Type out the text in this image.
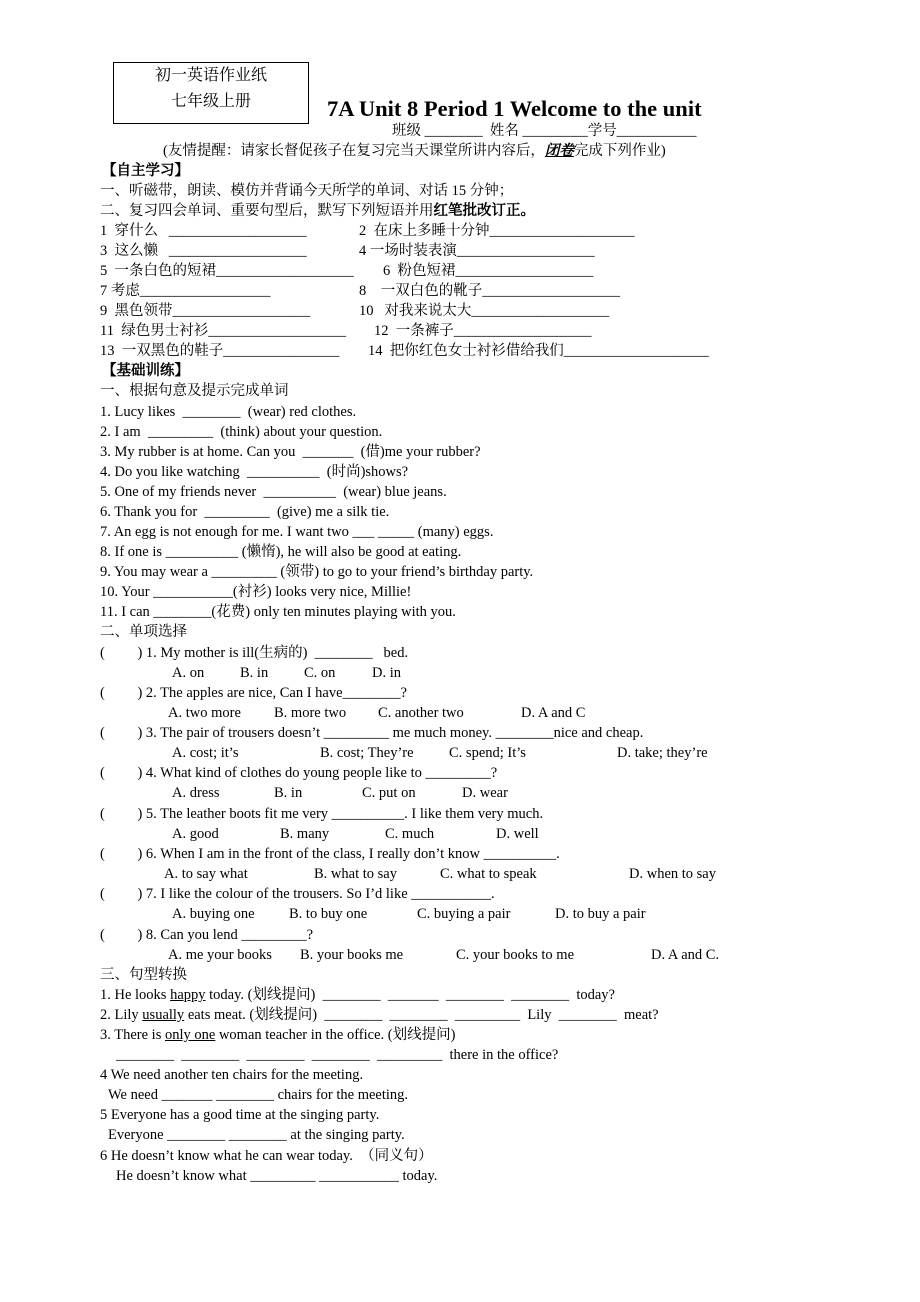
初一英语作业纸
七年级上册	7A Unit 8 Period 1 Welcome to the unit
班级 ________  姓名 _________学号___________
(友情提醒：请家长督促孩子在复习完当天课堂所讲内容后，闭卷完成下列作业)
【自主学习】
一、听磁带，朗读、模仿并背诵今天所学的单词、对话 15 分钟；
二、复习四会单词、重要句型后，默写下列短语并用红笔批改订正。
1  穿什么   ___________________	2  在床上多睡十分钟____________________
3  这么懒   ___________________	4 一场时装表演___________________
5  一条白色的短裙___________________ 6  粉色短裙___________________
7 考虑__________________	8    一双白色的靴子___________________
9  黑色领带___________________	10   对我来说太大___________________
11  绿色男士衬衫___________________ 12  一条裤子___________________
13  一双黑色的鞋子________________ 14  把你红色女士衬衫借给我们____________________
【基础训练】
一、根据句意及提示完成单词
1. Lucy likes  ________  (wear) red clothes.
2. I am  _________  (think) about your question.
3. My rubber is at home. Can you  _______  (借)me your rubber?
4. Do you like watching  __________  (时尚)shows?
5. One of my friends never  __________  (wear) blue jeans.
6. Thank you for  _________  (give) me a silk tie.
7. An egg is not enough for me. I want two ___ _____ (many) eggs.
8. If one is __________ (懒惰), he will also be good at eating.
9. You may wear a _________ (领带) to go to your friend’s birthday party.
10. Your ___________(衬衫) looks very nice, Millie!
11. I can ________(花费) only ten minutes playing with you.
二、单项选择
(         ) 1. My mother is ill(生病的)  ________   bed.
A. on B. in C. on	D. in
(         ) 2. The apples are nice, Can I have________?
A. two more B. more two C. another two	D. A and C
(         ) 3. The pair of trousers doesn’t _________ me much money. ________nice and cheap.
A. cost; it’s	B. cost; They’re C. spend; It’s	D. take; they’re
(         ) 4. What kind of clothes do young people like to _________?
A. dress	B. in	C. put on	D. wear
(         ) 5. The leather boots fit me very __________. I like them very much.
A. good	B. many	C. much	D. well
(         ) 6. When I am in the front of the class, I really don’t know __________.
A. to say what	B. what to say	C. what to speak	D. when to say
(         ) 7. I like the colour of the trousers. So I’d like ___________.
A. buying one B. to buy one	C. buying a pair	D. to buy a pair
(         ) 8. Can you lend _________?
A. me your books B. your books me	C. your books to me	D. A and C.
三、句型转换
1. He looks happy today. (划线提问)  ________  _______  ________  ________  today?
2. Lily usually eats meat. (划线提问)  ________  ________  _________  Lily  ________  meat?
3. There is only one woman teacher in the office. (划线提问)
________  ________  ________  ________  _________  there in the office?
4 We need another ten chairs for the meeting.
We need _______ ________ chairs for the meeting.
5 Everyone has a good time at the singing party.
Everyone ________ ________ at the singing party.
6 He doesn’t know what he can wear today.  （同义句）
He doesn’t know what _________ ___________ today.
